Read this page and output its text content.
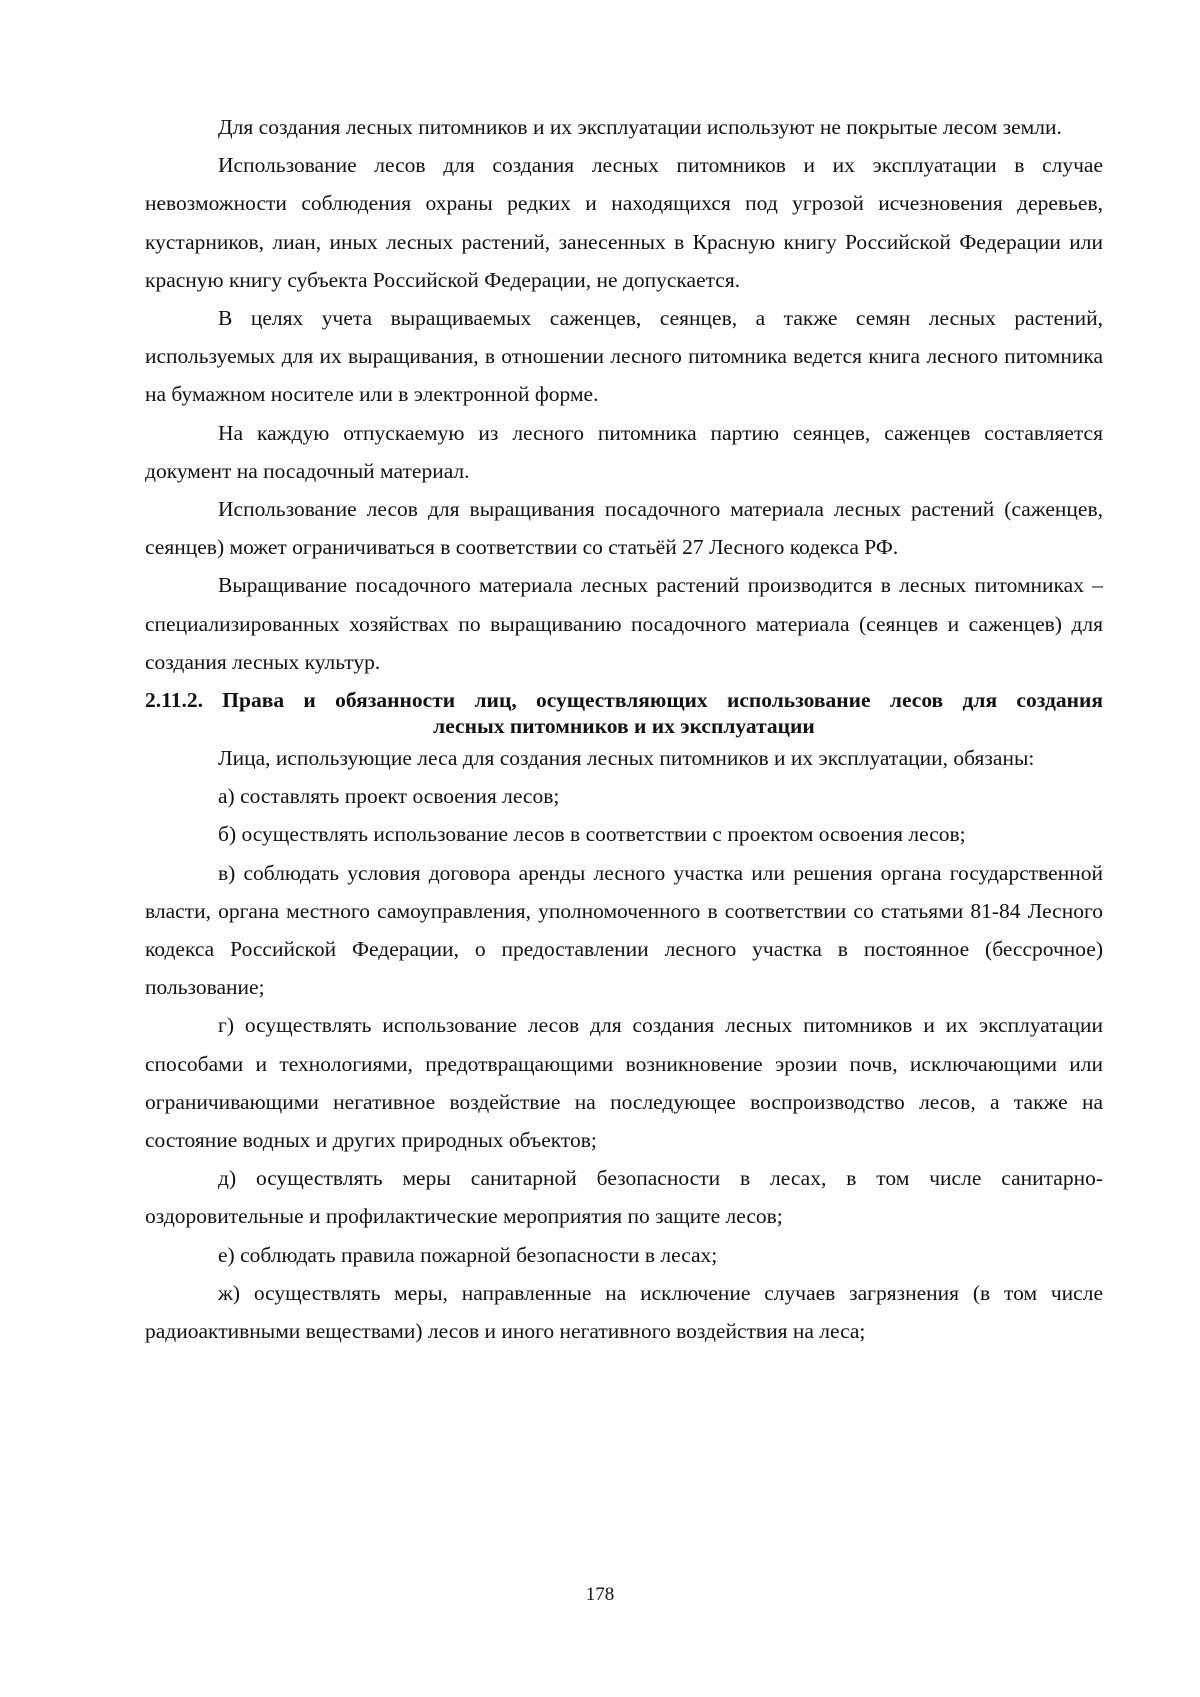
Для создания лесных питомников и их эксплуатации используют не покрытые лесом земли.

Использование лесов для создания лесных питомников и их эксплуатации в случае невозможности соблюдения охраны редких и находящихся под угрозой исчезновения деревьев, кустарников, лиан, иных лесных растений, занесенных в Красную книгу Российской Федерации или красную книгу субъекта Российской Федерации, не допускается.

В целях учета выращиваемых саженцев, сеянцев, а также семян лесных растений, используемых для их выращивания, в отношении лесного питомника ведется книга лесного питомника на бумажном носителе или в электронной форме.

На каждую отпускаемую из лесного питомника партию сеянцев, саженцев составляется документ на посадочный материал.

Использование лесов для выращивания посадочного материала лесных растений (саженцев, сеянцев) может ограничиваться в соответствии со статьёй 27 Лесного кодекса РФ.

Выращивание посадочного материала лесных растений производится в лесных питомниках – специализированных хозяйствах по выращиванию посадочного материала (сеянцев и саженцев) для создания лесных культур.

2.11.2. Права и обязанности лиц, осуществляющих использование лесов для создания
лесных питомников и их эксплуатации

Лица, использующие леса для создания лесных питомников и их эксплуатации, обязаны:

а) составлять проект освоения лесов;

б) осуществлять использование лесов в соответствии с проектом освоения лесов;

в) соблюдать условия договора аренды лесного участка или решения органа государственной власти, органа местного самоуправления, уполномоченного в соответствии со статьями 81-84 Лесного кодекса Российской Федерации, о предоставлении лесного участка в постоянное (бессрочное) пользование;

г) осуществлять использование лесов для создания лесных питомников и их эксплуатации способами и технологиями, предотвращающими возникновение эрозии почв, исключающими или ограничивающими негативное воздействие на последующее воспроизводство лесов, а также на состояние водных и других природных объектов;

д) осуществлять меры санитарной безопасности в лесах, в том числе санитарно-оздоровительные и профилактические мероприятия по защите лесов;

е) соблюдать правила пожарной безопасности в лесах;

ж) осуществлять меры, направленные на исключение случаев загрязнения (в том числе радиоактивными веществами) лесов и иного негативного воздействия на леса;

178
